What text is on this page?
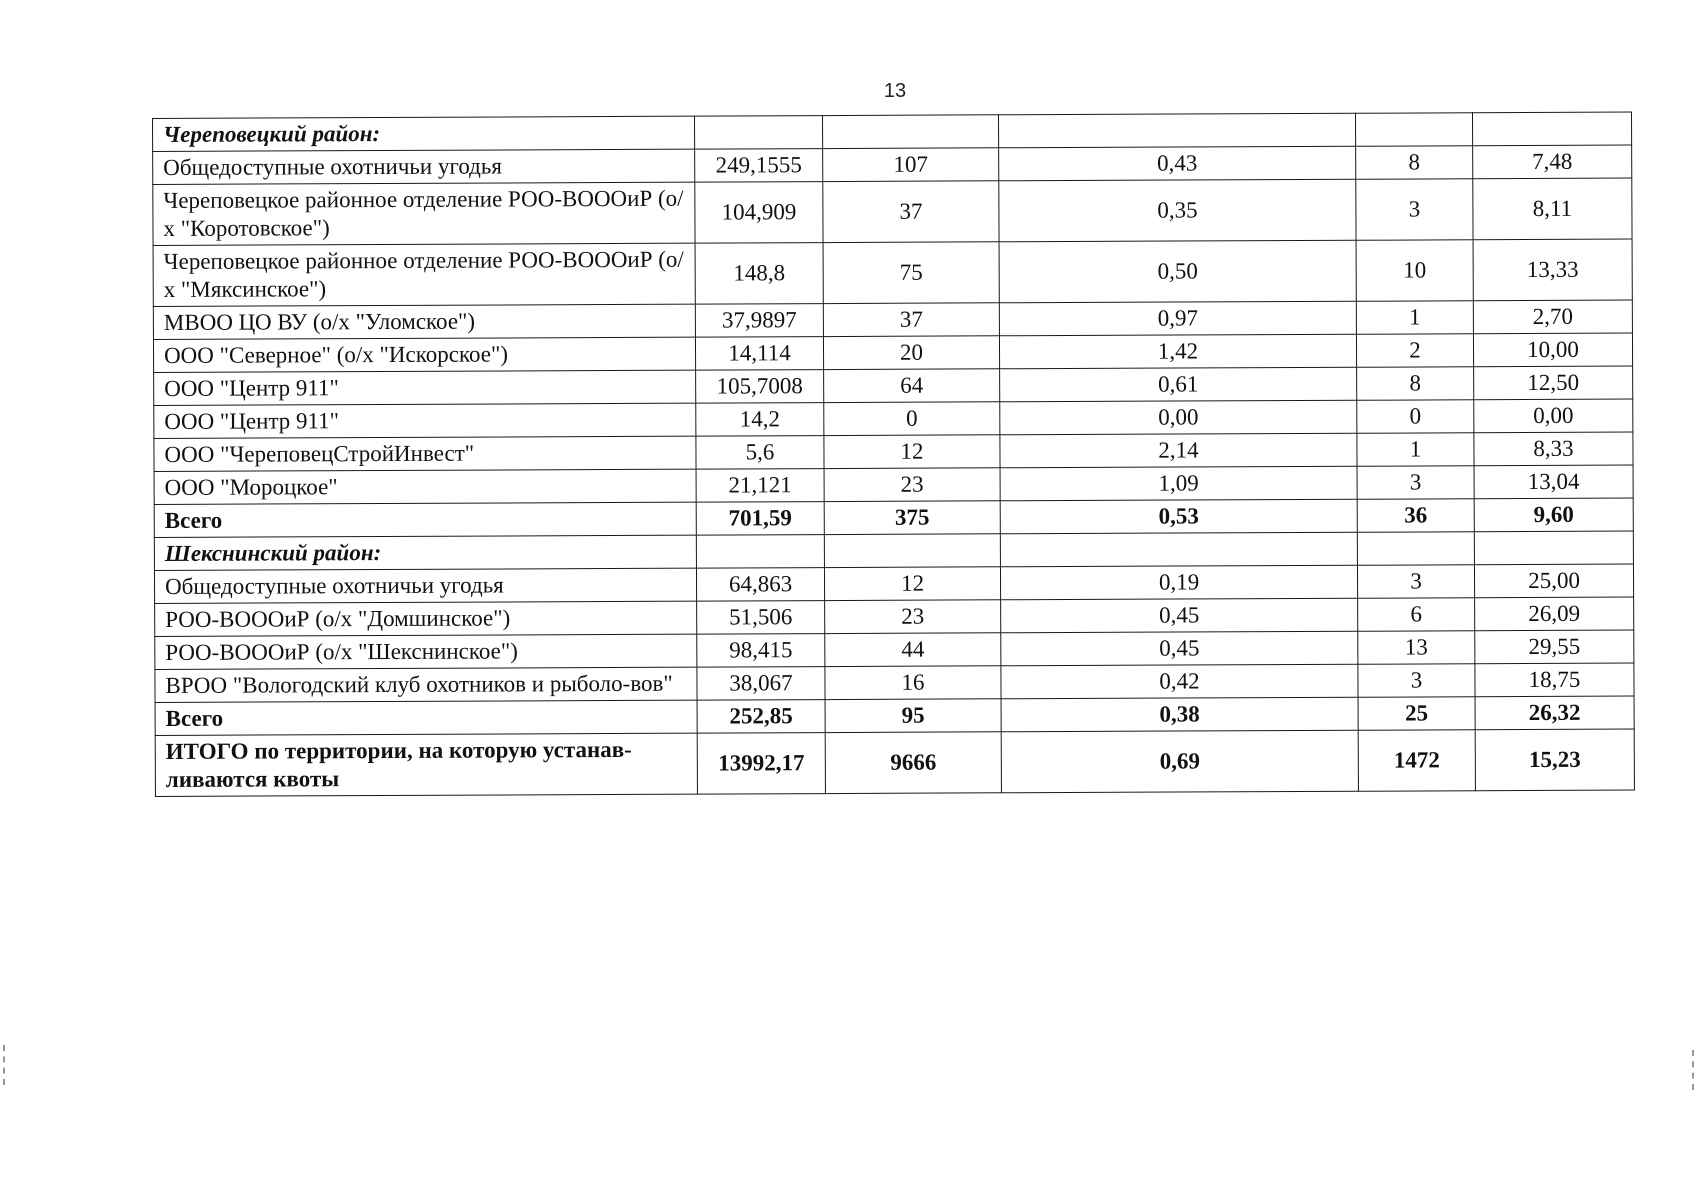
13
Череповецкий район:					
Общедоступные охотничьи угодья	249,1555	107	0,43	8	7,48
Череповецкое районное отделение РОО-ВОООиР (о/х "Коротовское")	104,909	37	0,35	3	8,11
Череповецкое районное отделение РОО-ВОООиР (о/х "Мяксинское")	148,8	75	0,50	10	13,33
МВОО ЦО ВУ (о/х "Уломское")	37,9897	37	0,97	1	2,70
ООО "Северное" (о/х "Искорское")	14,114	20	1,42	2	10,00
ООО "Центр 911"	105,7008	64	0,61	8	12,50
ООО "Центр 911"	14,2	0	0,00	0	0,00
ООО "ЧереповецСтройИнвест"	5,6	12	2,14	1	8,33
ООО "Мороцкое"	21,121	23	1,09	3	13,04
Всего	701,59	375	0,53	36	9,60
Шекснинский район:					
Общедоступные охотничьи угодья	64,863	12	0,19	3	25,00
РОО-ВОООиР (о/х "Домшинское")	51,506	23	0,45	6	26,09
РОО-ВОООиР (о/х "Шекснинское")	98,415	44	0,45	13	29,55
ВРОО "Вологодский клуб охотников и рыболо-вов"	38,067	16	0,42	3	18,75
Всего	252,85	95	0,38	25	26,32
ИТОГО по территории, на которую устанав-ливаются квоты	13992,17	9666	0,69	1472	15,23
